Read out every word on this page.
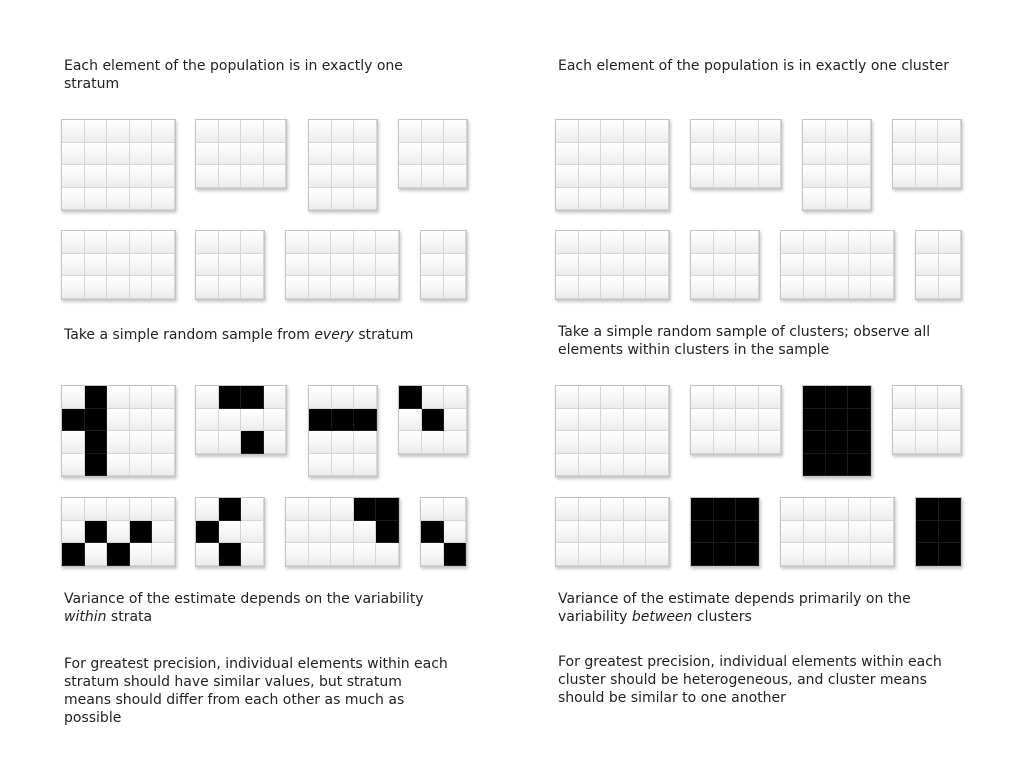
Each element of the population is in exactly one stratum

Take a simple random sample from every stratum

Variance of the estimate depends on the variability within strata

For greatest precision, individual elements within each stratum should have similar values, but stratum means should differ from each other as much as possible

Each element of the population is in exactly one cluster

Take a simple random sample of clusters; observe all elements within clusters in the sample

Variance of the estimate depends primarily on the variability between clusters

For greatest precision, individual elements within each cluster should be heterogeneous, and cluster means should be similar to one another
